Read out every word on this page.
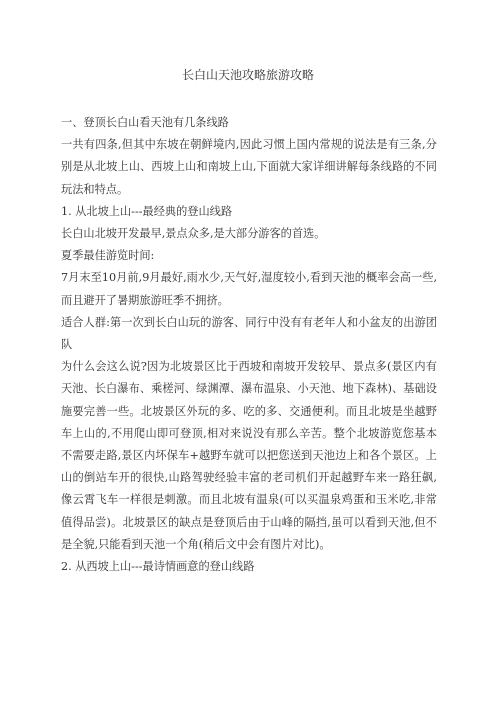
长白山天池攻略旅游攻略

一、登顶长白山看天池有几条线路

一共有四条,但其中东坡在朝鲜境内,因此习惯上国内常规的说法是有三条,分别是从北坡上山、西坡上山和南坡上山,下面就大家详细讲解每条线路的不同玩法和特点。

1. 从北坡上山---最经典的登山线路

长白山北坡开发最早,景点众多,是大部分游客的首选。

夏季最佳游览时间:

7月末至10月前,9月最好,雨水少,天气好,湿度较小,看到天池的概率会高一些,而且避开了暑期旅游旺季不拥挤。

适合人群:第一次到长白山玩的游客、同行中没有有老年人和小盆友的出游团队

为什么会这么说?因为北坡景区比于西坡和南坡开发较早、景点多(景区内有天池、长白瀑布、乘槎河、绿渊潭、瀑布温泉、小天池、地下森林)、基础设施要完善一些。北坡景区外玩的多、吃的多、交通便利。而且北坡是坐越野车上山的,不用爬山即可登顶,相对来说没有那么辛苦。整个北坡游览您基本不需要走路,景区内坏保车+越野车就可以把您送到天池边上和各个景区。上山的倒站车开的很快,山路驾驶经验丰富的老司机们开起越野车来一路狂飙,像云霄飞车一样很是刺激。而且北坡有温泉(可以买温泉鸡蛋和玉米吃,非常值得品尝)。北坡景区的缺点是登顶后由于山峰的隔挡,虽可以看到天池,但不是全貌,只能看到天池一个角(稍后文中会有图片对比)。

2. 从西坡上山---最诗情画意的登山线路
